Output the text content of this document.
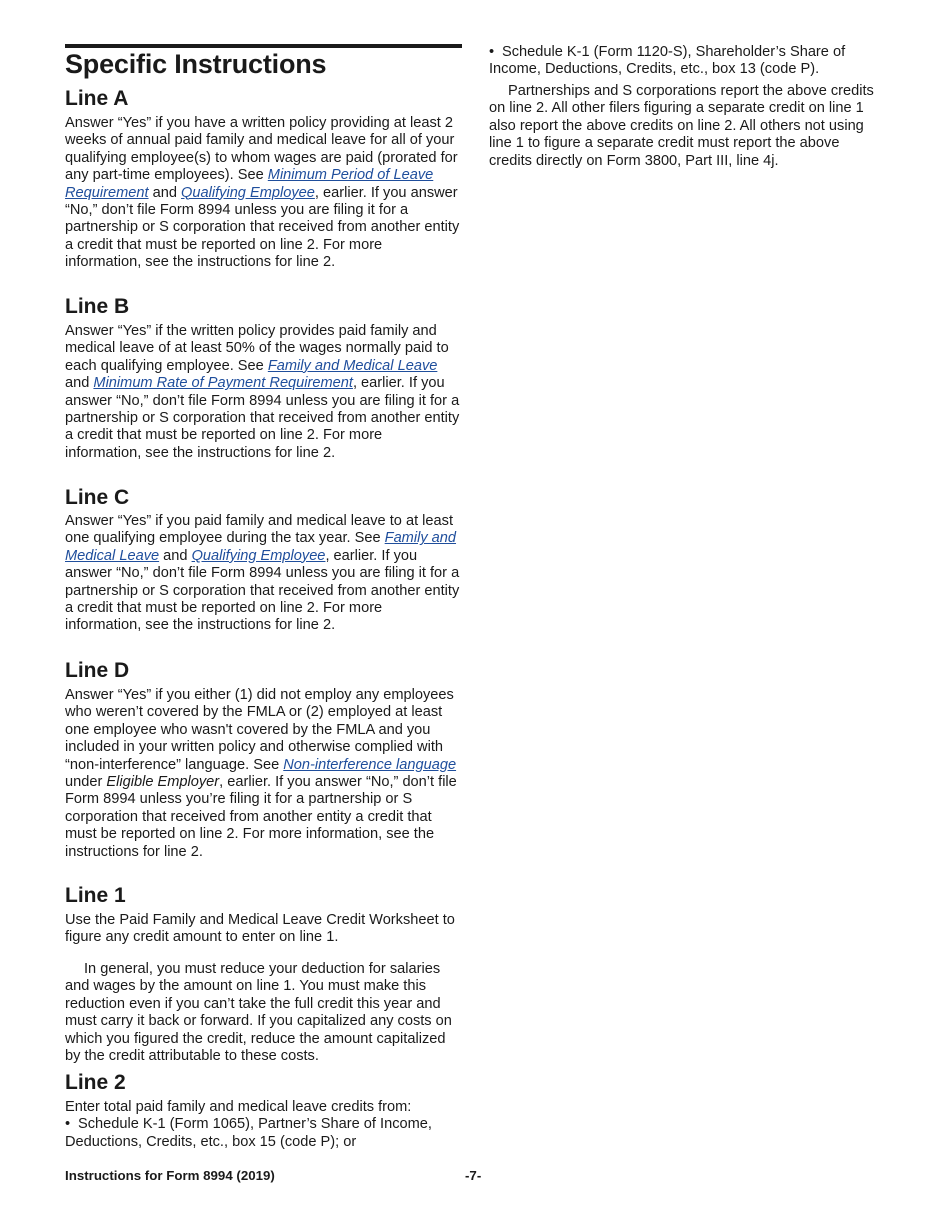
Specific Instructions
Line A

Answer “Yes” if you have a written policy providing at least 2 weeks of annual paid family and medical leave for all of your qualifying employee(s) to whom wages are paid (prorated for any part-time employees). See Minimum Period of Leave Requirement and Qualifying Employee, earlier. If you answer “No,” don’t file Form 8994 unless you are filing it for a partnership or S corporation that received from another entity a credit that must be reported on line 2. For more information, see the instructions for line 2.

Line B

Answer “Yes” if the written policy provides paid family and medical leave of at least 50% of the wages normally paid to each qualifying employee. See Family and Medical Leave and Minimum Rate of Payment Requirement, earlier. If you answer “No,” don’t file Form 8994 unless you are filing it for a partnership or S corporation that received from another entity a credit that must be reported on line 2. For more information, see the instructions for line 2.

Line C

Answer “Yes” if you paid family and medical leave to at least one qualifying employee during the tax year. See Family and Medical Leave and Qualifying Employee, earlier. If you answer “No,” don’t file Form 8994 unless you are filing it for a partnership or S corporation that received from another entity a credit that must be reported on line 2. For more information, see the instructions for line 2.

Line D

Answer “Yes” if you either (1) did not employ any employees who weren’t covered by the FMLA or (2) employed at least one employee who wasn't covered by the FMLA and you included in your written policy and otherwise complied with “non-interference” language. See Non-interference language under Eligible Employer, earlier. If you answer “No,” don’t file Form 8994 unless you’re filing it for a partnership or S corporation that received from another entity a credit that must be reported on line 2. For more information, see the instructions for line 2.

Line 1

Use the Paid Family and Medical Leave Credit Worksheet to figure any credit amount to enter on line 1.

In general, you must reduce your deduction for salaries and wages by the amount on line 1. You must make this reduction even if you can’t take the full credit this year and must carry it back or forward. If you capitalized any costs on which you figured the credit, reduce the amount capitalized by the credit attributable to these costs.

Line 2

Enter total paid family and medical leave credits from:
• Schedule K-1 (Form 1065), Partner’s Share of Income, Deductions, Credits, etc., box 15 (code P); or

• Schedule K-1 (Form 1120-S), Shareholder’s Share of Income, Deductions, Credits, etc., box 13 (code P).

Partnerships and S corporations report the above credits on line 2. All other filers figuring a separate credit on line 1 also report the above credits on line 2. All others not using line 1 to figure a separate credit must report the above credits directly on Form 3800, Part III, line 4j.

Instructions for Form 8994 (2019)	-7-
